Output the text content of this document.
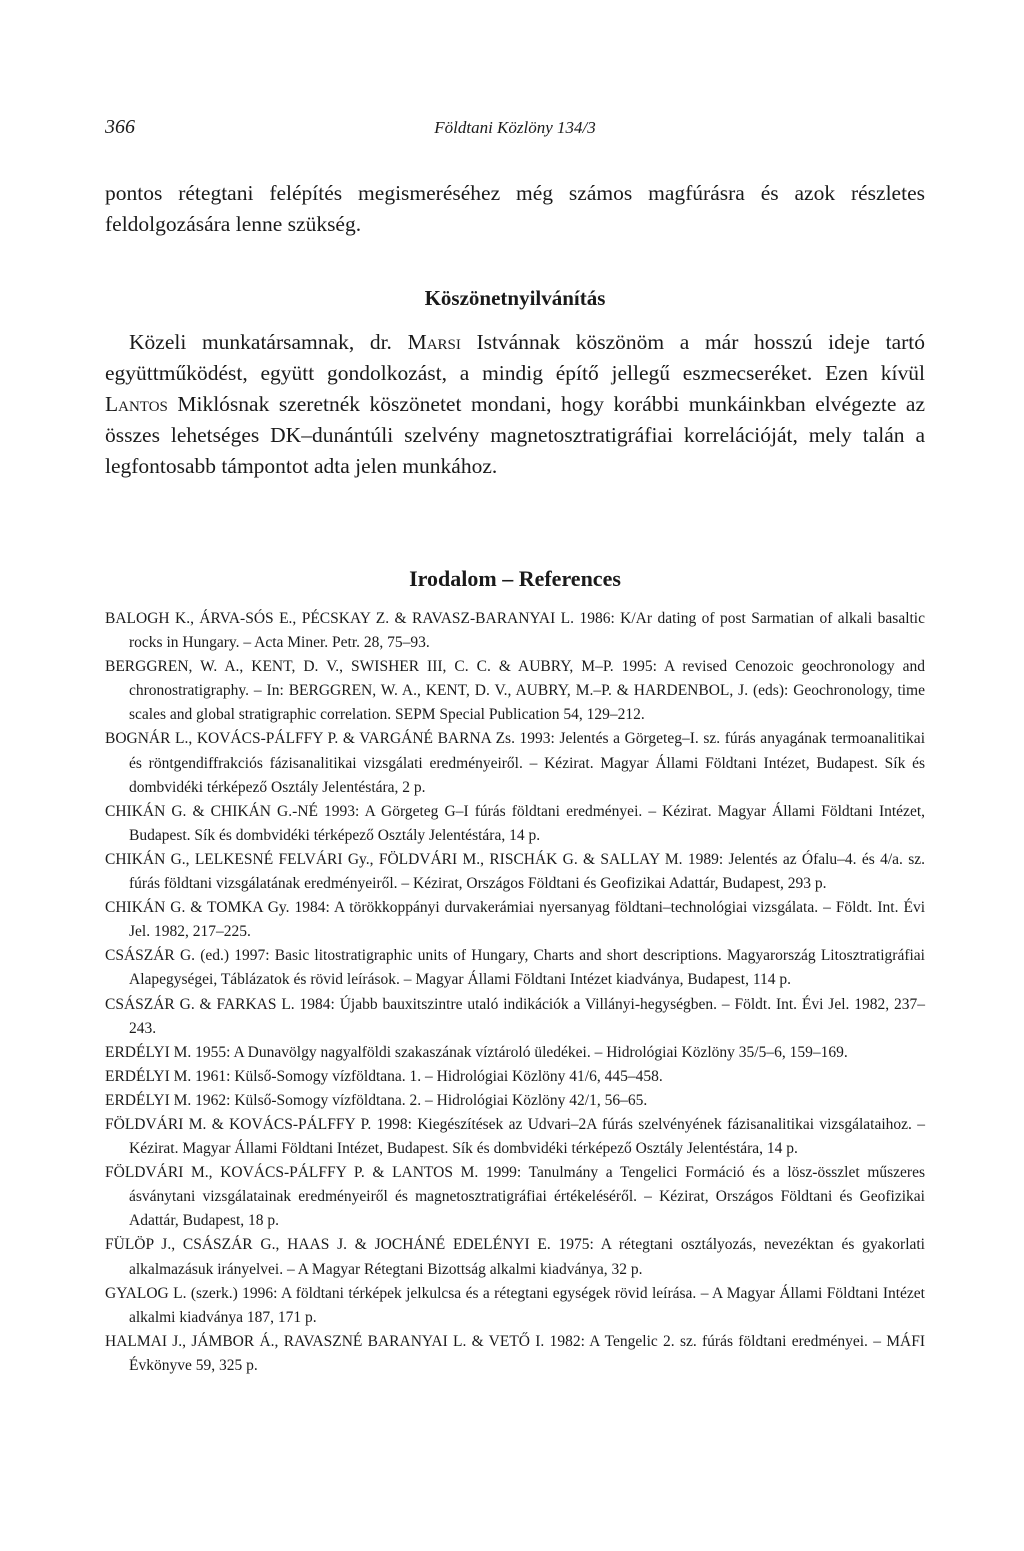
366	Földtani Közlöny 134/3

pontos rétegtani felépítés megismeréséhez még számos magfúrásra és azok részletes feldolgozására lenne szükség.

Köszönetnyilvánítás

Közeli munkatársamnak, dr. Marsi Istvánnak köszönöm a már hosszú ideje tartó együttműködést, együtt gondolkozást, a mindig építő jellegű eszmecseréket. Ezen kívül Lantos Miklósnak szeretnék köszönetet mondani, hogy korábbi munkáinkban elvégezte az összes lehetséges DK–dunántúli szelvény magnetosztratigráfiai korrelációját, mely talán a legfontosabb támpontot adta jelen munkához.

Irodalom – References
BALOGH K., ÁRVA-SÓS E., PÉCSKAY Z. & RAVASZ-BARANYAI L. 1986: K/Ar dating of post Sarmatian of alkali basaltic rocks in Hungary. – Acta Miner. Petr. 28, 75–93.
BERGGREN, W. A., KENT, D. V., SWISHER III, C. C. & AUBRY, M–P. 1995: A revised Cenozoic geochronology and chronostratigraphy. – In: BERGGREN, W. A., KENT, D. V., AUBRY, M.–P. & HARDENBOL, J. (eds): Geochronology, time scales and global stratigraphic correlation. SEPM Special Publication 54, 129–212.
BOGNÁR L., KOVÁCS-PÁLFFY P. & VARGÁNÉ BARNA Zs. 1993: Jelentés a Görgeteg–I. sz. fúrás anyagának termoanalitikai és röntgendiffrakciós fázisanalitikai vizsgálati eredményeiről. – Kézirat. Magyar Állami Földtani Intézet, Budapest. Sík és dombvidéki térképező Osztály Jelentéstára, 2 p.
CHIKÁN G. & CHIKÁN G.-NÉ 1993: A Görgeteg G–I fúrás földtani eredményei. – Kézirat. Magyar Állami Földtani Intézet, Budapest. Sík és dombvidéki térképező Osztály Jelentéstára, 14 p.
CHIKÁN G., LELKESNÉ FELVÁRI Gy., FÖLDVÁRI M., RISCHÁK G. & SALLAY M. 1989: Jelentés az Ófalu–4. és 4/a. sz. fúrás földtani vizsgálatának eredményeiről. – Kézirat, Országos Földtani és Geofizikai Adattár, Budapest, 293 p.
CHIKÁN G. & TOMKA Gy. 1984: A törökkoppányi durvakerámiai nyersanyag földtani–technológiai vizsgálata. – Földt. Int. Évi Jel. 1982, 217–225.
CSÁSZÁR G. (ed.) 1997: Basic litostratigraphic units of Hungary, Charts and short descriptions. Magyarország Litosztratigráfiai Alapegységei, Táblázatok és rövid leírások. – Magyar Állami Földtani Intézet kiadványa, Budapest, 114 p.
CSÁSZÁR G. & FARKAS L. 1984: Újabb bauxitszintre utaló indikációk a Villányi-hegységben. – Földt. Int. Évi Jel. 1982, 237–243.
ERDÉLYI M. 1955: A Dunavölgy nagyalföldi szakaszának víztároló üledékei. – Hidrológiai Közlöny 35/5–6, 159–169.
ERDÉLYI M. 1961: Külső-Somogy vízföldtana. 1. – Hidrológiai Közlöny 41/6, 445–458.
ERDÉLYI M. 1962: Külső-Somogy vízföldtana. 2. – Hidrológiai Közlöny 42/1, 56–65.
FÖLDVÁRI M. & KOVÁCS-PÁLFFY P. 1998: Kiegészítések az Udvari–2A fúrás szelvényének fázisanalitikai vizsgálataihoz. – Kézirat. Magyar Állami Földtani Intézet, Budapest. Sík és dombvidéki térképező Osztály Jelentéstára, 14 p.
FÖLDVÁRI M., KOVÁCS-PÁLFFY P. & LANTOS M. 1999: Tanulmány a Tengelici Formáció és a lösz-összlet műszeres ásványtani vizsgálatainak eredményeiről és magnetosztratigráfiai értékeléséről. – Kézirat, Országos Földtani és Geofizikai Adattár, Budapest, 18 p.
FÜLÖP J., CSÁSZÁR G., HAAS J. & JOCHÁNÉ EDELÉNYI E. 1975: A rétegtani osztályozás, nevezéktan és gyakorlati alkalmazásuk irányelvei. – A Magyar Rétegtani Bizottság alkalmi kiadványa, 32 p.
GYALOG L. (szerk.) 1996: A földtani térképek jelkulcsa és a rétegtani egységek rövid leírása. – A Magyar Állami Földtani Intézet alkalmi kiadványa 187, 171 p.
HALMAI J., JÁMBOR Á., RAVASZNÉ BARANYAI L. & VETŐ I. 1982: A Tengelic 2. sz. fúrás földtani eredményei. – MÁFI Évkönyve 59, 325 p.
